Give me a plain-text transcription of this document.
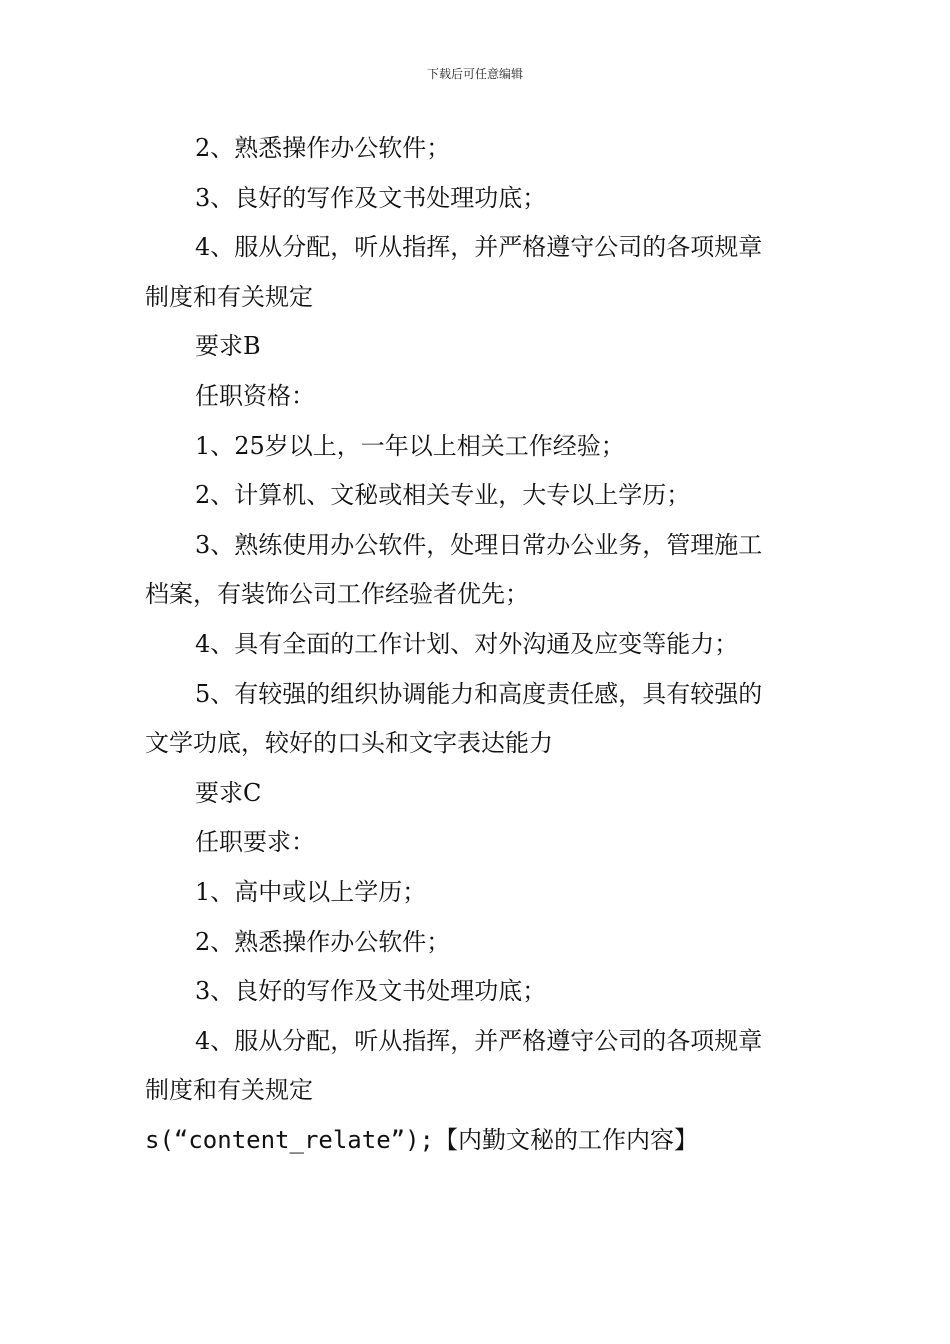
下载后可任意编辑
2、熟悉操作办公软件；
3、良好的写作及文书处理功底；
4、服从分配，听从指挥，并严格遵守公司的各项规章
制度和有关规定
要求B
任职资格：
1、25岁以上，一年以上相关工作经验；
2、计算机、文秘或相关专业，大专以上学历；
3、熟练使用办公软件，处理日常办公业务，管理施工
档案，有装饰公司工作经验者优先；
4、具有全面的工作计划、对外沟通及应变等能力；
5、有较强的组织协调能力和高度责任感，具有较强的
文学功底，较好的口头和文字表达能力
要求C
任职要求：
1、高中或以上学历；
2、熟悉操作办公软件；
3、良好的写作及文书处理功底；
4、服从分配，听从指挥，并严格遵守公司的各项规章
制度和有关规定
s(“content_relate”);【内勤文秘的工作内容】
